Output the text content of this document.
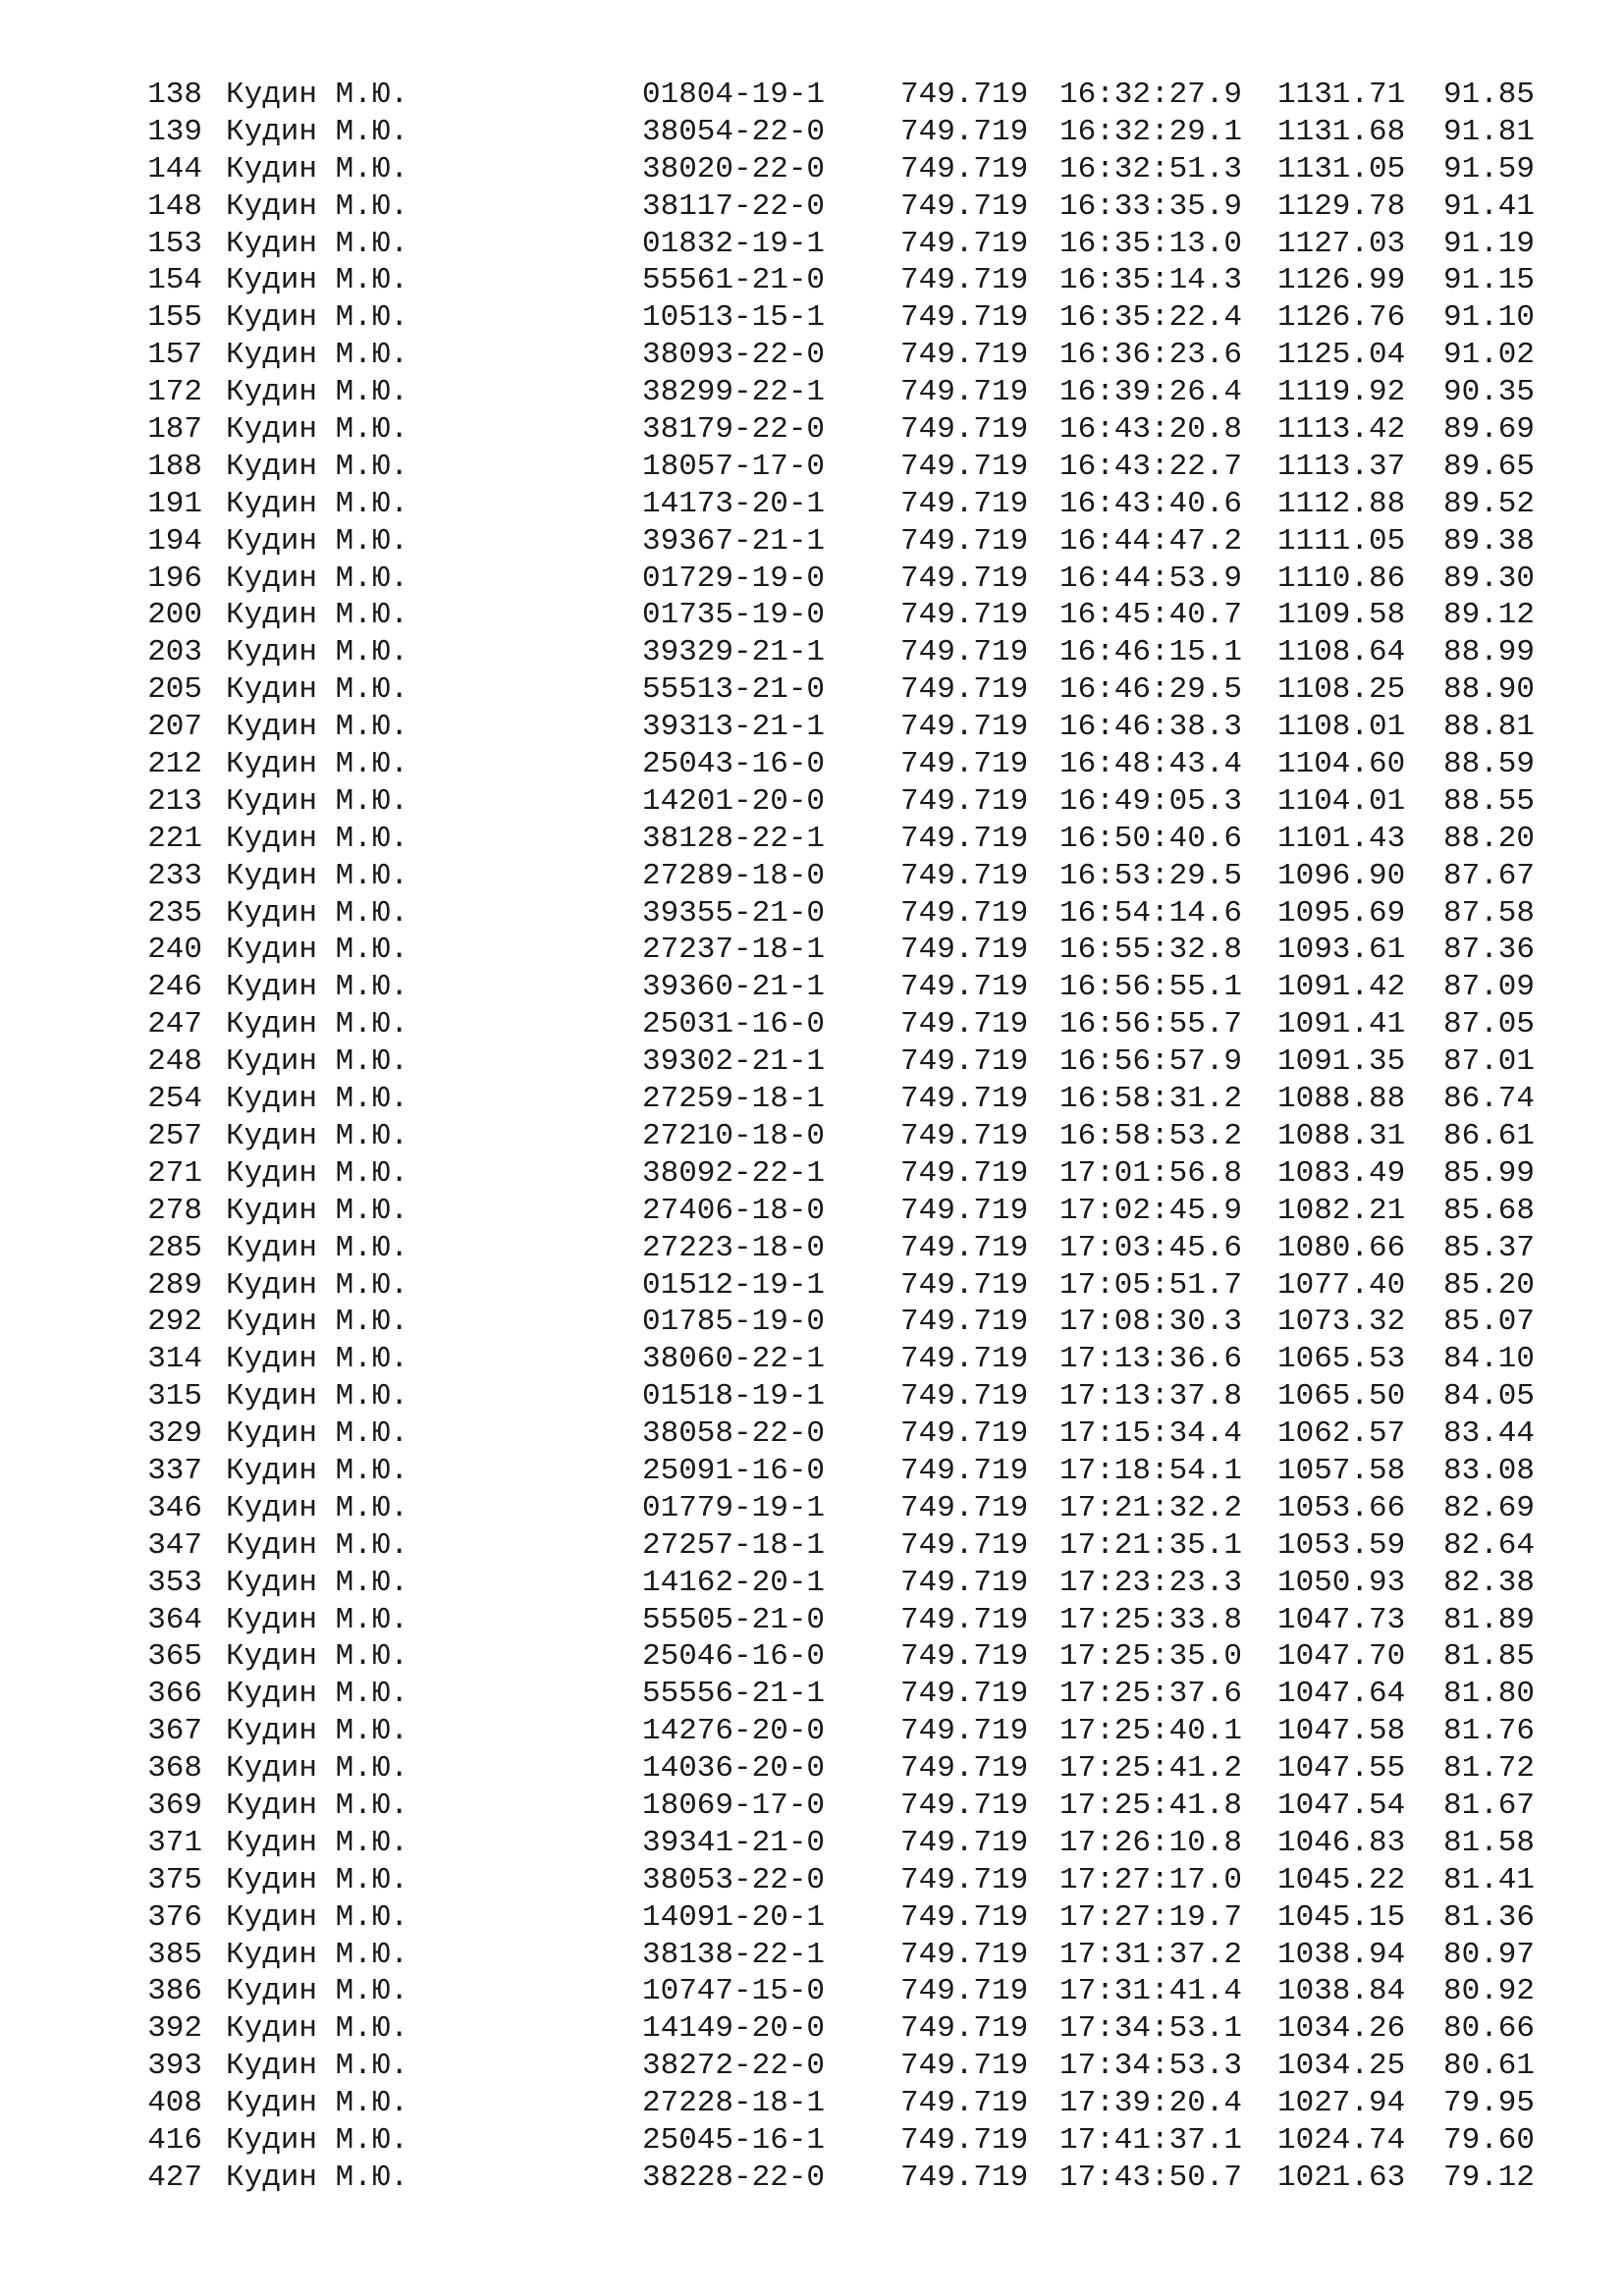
138 Кудин М.Ю.	01804-19-1 749.719 16:32:27.9 1131.71 91.85
139 Кудин М.Ю.	38054-22-0 749.719 16:32:29.1 1131.68 91.81
144 Кудин М.Ю.	38020-22-0 749.719 16:32:51.3 1131.05 91.59
148 Кудин М.Ю.	38117-22-0 749.719 16:33:35.9 1129.78 91.41
153 Кудин М.Ю.	01832-19-1 749.719 16:35:13.0 1127.03 91.19
154 Кудин М.Ю.	55561-21-0 749.719 16:35:14.3 1126.99 91.15
155 Кудин М.Ю.	10513-15-1 749.719 16:35:22.4 1126.76 91.10
157 Кудин М.Ю.	38093-22-0 749.719 16:36:23.6 1125.04 91.02
172 Кудин М.Ю.	38299-22-1 749.719 16:39:26.4 1119.92 90.35
187 Кудин М.Ю.	38179-22-0 749.719 16:43:20.8 1113.42 89.69
188 Кудин М.Ю.	18057-17-0 749.719 16:43:22.7 1113.37 89.65
191 Кудин М.Ю.	14173-20-1 749.719 16:43:40.6 1112.88 89.52
194 Кудин М.Ю.	39367-21-1 749.719 16:44:47.2 1111.05 89.38
196 Кудин М.Ю.	01729-19-0 749.719 16:44:53.9 1110.86 89.30
200 Кудин М.Ю.	01735-19-0 749.719 16:45:40.7 1109.58 89.12
203 Кудин М.Ю.	39329-21-1 749.719 16:46:15.1 1108.64 88.99
205 Кудин М.Ю.	55513-21-0 749.719 16:46:29.5 1108.25 88.90
207 Кудин М.Ю.	39313-21-1 749.719 16:46:38.3 1108.01 88.81
212 Кудин М.Ю.	25043-16-0 749.719 16:48:43.4 1104.60 88.59
213 Кудин М.Ю.	14201-20-0 749.719 16:49:05.3 1104.01 88.55
221 Кудин М.Ю.	38128-22-1 749.719 16:50:40.6 1101.43 88.20
233 Кудин М.Ю.	27289-18-0 749.719 16:53:29.5 1096.90 87.67
235 Кудин М.Ю.	39355-21-0 749.719 16:54:14.6 1095.69 87.58
240 Кудин М.Ю.	27237-18-1 749.719 16:55:32.8 1093.61 87.36
246 Кудин М.Ю.	39360-21-1 749.719 16:56:55.1 1091.42 87.09
247 Кудин М.Ю.	25031-16-0 749.719 16:56:55.7 1091.41 87.05
248 Кудин М.Ю.	39302-21-1 749.719 16:56:57.9 1091.35 87.01
254 Кудин М.Ю.	27259-18-1 749.719 16:58:31.2 1088.88 86.74
257 Кудин М.Ю.	27210-18-0 749.719 16:58:53.2 1088.31 86.61
271 Кудин М.Ю.	38092-22-1 749.719 17:01:56.8 1083.49 85.99
278 Кудин М.Ю.	27406-18-0 749.719 17:02:45.9 1082.21 85.68
285 Кудин М.Ю.	27223-18-0 749.719 17:03:45.6 1080.66 85.37
289 Кудин М.Ю.	01512-19-1 749.719 17:05:51.7 1077.40 85.20
292 Кудин М.Ю.	01785-19-0 749.719 17:08:30.3 1073.32 85.07
314 Кудин М.Ю.	38060-22-1 749.719 17:13:36.6 1065.53 84.10
315 Кудин М.Ю.	01518-19-1 749.719 17:13:37.8 1065.50 84.05
329 Кудин М.Ю.	38058-22-0 749.719 17:15:34.4 1062.57 83.44
337 Кудин М.Ю.	25091-16-0 749.719 17:18:54.1 1057.58 83.08
346 Кудин М.Ю.	01779-19-1 749.719 17:21:32.2 1053.66 82.69
347 Кудин М.Ю.	27257-18-1 749.719 17:21:35.1 1053.59 82.64
353 Кудин М.Ю.	14162-20-1 749.719 17:23:23.3 1050.93 82.38
364 Кудин М.Ю.	55505-21-0 749.719 17:25:33.8 1047.73 81.89
365 Кудин М.Ю.	25046-16-0 749.719 17:25:35.0 1047.70 81.85
366 Кудин М.Ю.	55556-21-1 749.719 17:25:37.6 1047.64 81.80
367 Кудин М.Ю.	14276-20-0 749.719 17:25:40.1 1047.58 81.76
368 Кудин М.Ю.	14036-20-0 749.719 17:25:41.2 1047.55 81.72
369 Кудин М.Ю.	18069-17-0 749.719 17:25:41.8 1047.54 81.67
371 Кудин М.Ю.	39341-21-0 749.719 17:26:10.8 1046.83 81.58
375 Кудин М.Ю.	38053-22-0 749.719 17:27:17.0 1045.22 81.41
376 Кудин М.Ю.	14091-20-1 749.719 17:27:19.7 1045.15 81.36
385 Кудин М.Ю.	38138-22-1 749.719 17:31:37.2 1038.94 80.97
386 Кудин М.Ю.	10747-15-0 749.719 17:31:41.4 1038.84 80.92
392 Кудин М.Ю.	14149-20-0 749.719 17:34:53.1 1034.26 80.66
393 Кудин М.Ю.	38272-22-0 749.719 17:34:53.3 1034.25 80.61
408 Кудин М.Ю.	27228-18-1 749.719 17:39:20.4 1027.94 79.95
416 Кудин М.Ю.	25045-16-1 749.719 17:41:37.1 1024.74 79.60
427 Кудин М.Ю.	38228-22-0 749.719 17:43:50.7 1021.63 79.12
